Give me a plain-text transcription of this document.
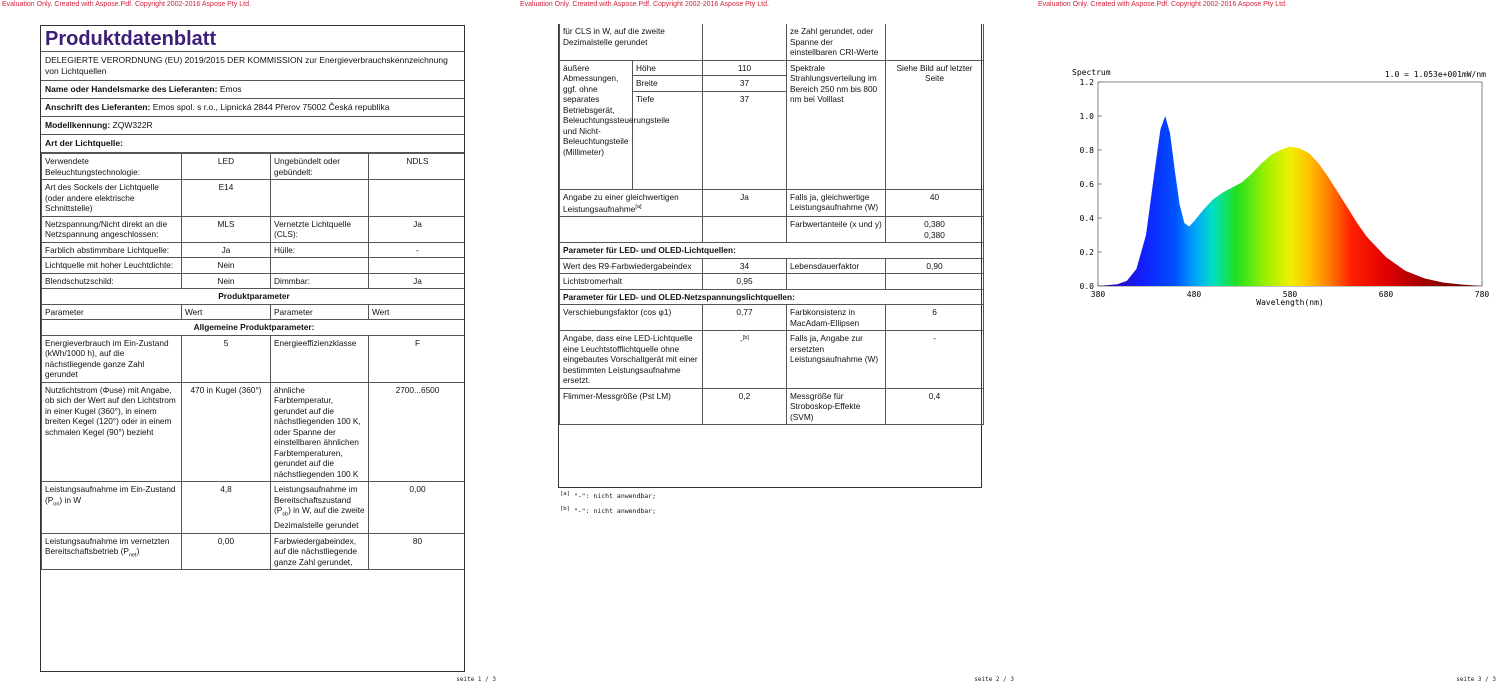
Evaluation Only. Created with Aspose.Pdf. Copyright 2002-2016 Aspose Pty Ltd.
Produktdatenblatt
DELEGIERTE VERORDNUNG (EU) 2019/2015 DER KOMMISSION zur Energieverbrauchskennzeichnung von Lichtquellen
Name oder Handelsmarke des Lieferanten: Emos
Anschrift des Lieferanten: Emos spol. s r.o., Lipnická 2844 Přerov 75002 Česká republika
Modellkennung: ZQW322R
Art der Lichtquelle:
Verwendete Beleuchtungstechnologie:	LED	Ungebündelt oder gebündelt:	NDLS
Art des Sockels der Lichtquelle (oder andere elektrische Schnittstelle)	E14		
Netzspannung/Nicht direkt an die Netzspannung angeschlossen:	MLS	Vernetzte Lichtquelle (CLS):	Ja
Farblich abstimmbare Lichtquelle:	Ja	Hülle:	-
Lichtquelle mit hoher Leuchtdichte:	Nein		
Blendschutzschild:	Nein	Dimmbar:	Ja
Produktparameter			
Parameter	Wert	Parameter	Wert
Allgemeine Produktparameter:			
Energieverbrauch im Ein-Zustand (kWh/1000 h), auf die nächstliegende ganze Zahl gerundet	5	Energieeffizienzklasse	F
Nutzlichtstrom (Φuse) mit Angabe, ob sich der Wert auf den Lichtstrom in einer Kugel (360°), in einem breiten Kegel (120°) oder in einem schmalen Kegel (90°) bezieht	470 in Kugel (360°)	ähnliche Farbtemperatur, gerundet auf die nächstliegenden 100 K, oder Spanne der einstellbaren ähnlichen Farbtemperaturen, gerundet auf die nächstliegenden 100 K	2700...6500
Leistungsaufnahme im Ein-Zustand $(P_{on})$ in W	4,8	Leistungsaufnahme im Bereitschaftszustand $(P_{sb})$ in W, auf die zweite Dezimalstelle gerundet	0,00
Leistungsaufnahme im vernetzten Bereitschaftsbetrieb $(P_{net})$	0,00	Farbwiedergabeindex, auf die nächstliegende ganze Zahl gerundet,	80
seite 1 / 3
Evaluation Only. Created with Aspose.Pdf. Copyright 2002-2016 Aspose Pty Ltd.
für CLS in W, auf die zweite Dezimalstelle gerundet			ze Zahl gerundet, oder Spanne der einstellbaren CRI-Werte	
äußere Abmessungen, ggf. ohne separates Betriebsgerät, Beleuchtungssteuerungsteile und Nicht-Beleuchtungsteile (Millimeter)	Höhe	110	Spektrale Strahlungsverteilung im Bereich 250 nm bis 800 nm bei Volllast	Siehe Bild auf letzter Seite
	Breite	37		
	Tiefe	37		
Angabe zu einer gleichwertigen Leistungsaufnahme[a]		Ja	Falls ja, gleichwertige Leistungsaufnahme (W)	40
			Farbwertanteile (x und y)	0,380
0,380

Parameter für LED- und OLED-Lichtquellen:				
Wert des R9-Farbwiedergabeindex		34	Lebensdauerfaktor	0,90
Lichtstromerhalt		0,95		
Parameter für LED- und OLED-Netzspannungslichtquellen:				
Verschiebungsfaktor (cos φ1)		0,77	Farbkonsistenz in MacAdam-Ellipsen	6
Angabe, dass eine LED-Lichtquelle eine Leuchtstofflichtquelle ohne eingebautes Vorschaltgerät mit einer bestimmten Leistungsaufnahme ersetzt.		-[b]	Falls ja, Angabe zur ersetzten Leistungsaufnahme (W)	-
Flimmer-Messgröße (Pst LM)		0,2	Messgröße für Stroboskop-Effekte (SVM)	0,4
[a] "-": nicht anwendbar;
[b] "-": nicht anwendbar;
seite 2 / 3
Evaluation Only. Created with Aspose.Pdf. Copyright 2002-2016 Aspose Pty Ltd.
Spectrum	1.0 = 1.053e+001mW/nm
0.0
0.2
0.4
0.6
0.8
1.0
1.2
380	480	580	680	780
Wavelength(nm)
seite 3 / 3
